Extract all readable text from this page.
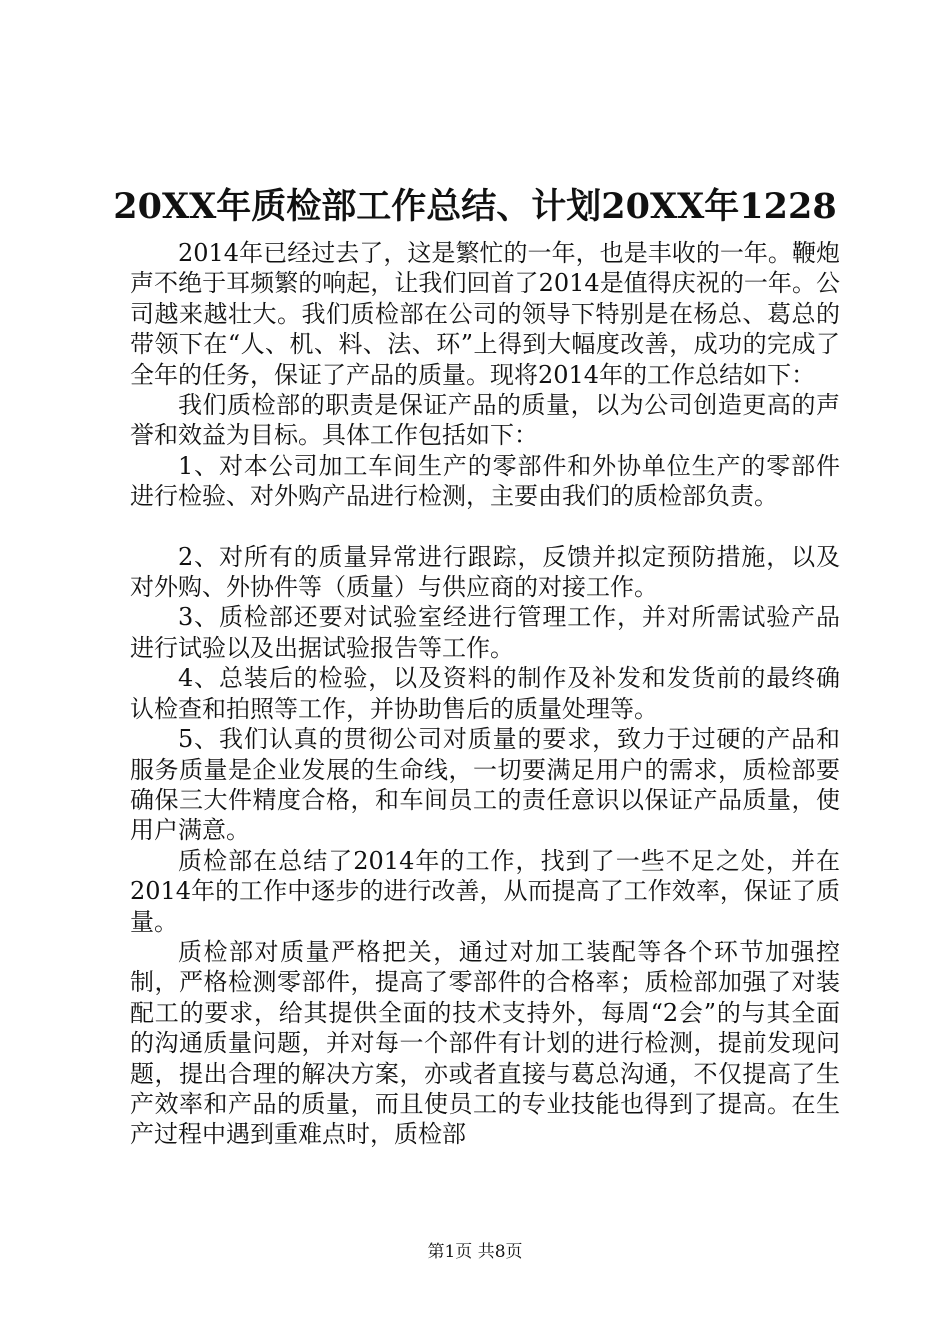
20XX年质检部工作总结、计划20XX年1228

2014年已经过去了，这是繁忙的一年，也是丰收的一年。鞭炮声不绝于耳频繁的响起，让我们回首了2014是值得庆祝的一年。公司越来越壮大。我们质检部在公司的领导下特别是在杨总、葛总的带领下在“人、机、料、法、环”上得到大幅度改善，成功的完成了全年的任务，保证了产品的质量。现将2014年的工作总结如下：

我们质检部的职责是保证产品的质量，以为公司创造更高的声誉和效益为目标。具体工作包括如下：

1、对本公司加工车间生产的零部件和外协单位生产的零部件进行检验、对外购产品进行检测，主要由我们的质检部负责。

2、对所有的质量异常进行跟踪，反馈并拟定预防措施，以及对外购、外协件等（质量）与供应商的对接工作。

3、质检部还要对试验室经进行管理工作，并对所需试验产品进行试验以及出据试验报告等工作。

4、总装后的检验，以及资料的制作及补发和发货前的最终确认检查和拍照等工作，并协助售后的质量处理等。

5、我们认真的贯彻公司对质量的要求，致力于过硬的产品和服务质量是企业发展的生命线，一切要满足用户的需求，质检部要确保三大件精度合格，和车间员工的责任意识以保证产品质量，使用户满意。

质检部在总结了2014年的工作，找到了一些不足之处，并在2014年的工作中逐步的进行改善，从而提高了工作效率，保证了质量。

质检部对质量严格把关，通过对加工装配等各个环节加强控制，严格检测零部件，提高了零部件的合格率；质检部加强了对装配工的要求，给其提供全面的技术支持外，每周“2会”的与其全面的沟通质量问题，并对每一个部件有计划的进行检测，提前发现问题，提出合理的解决方案，亦或者直接与葛总沟通，不仅提高了生产效率和产品的质量，而且使员工的专业技能也得到了提高。在生产过程中遇到重难点时，质检部

第1页 共8页
